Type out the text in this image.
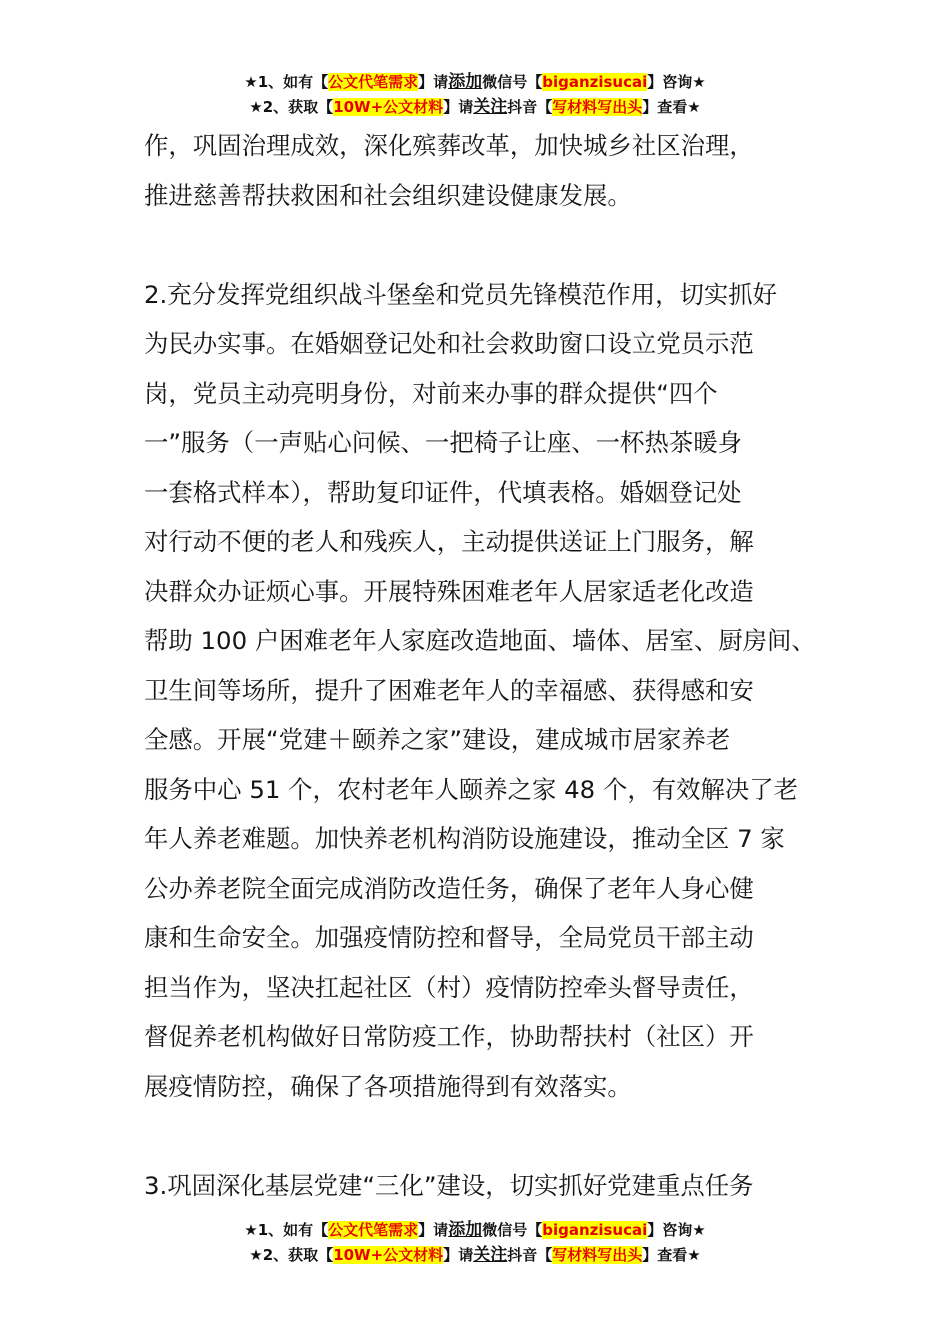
★1、如有【公文代笔需求】请添加微信号【biganzisucai】咨询★
★2、获取【10W+公文材料】请关注抖音【写材料写出头】查看★
作，巩固治理成效，深化殡葬改革，加快城乡社区治理，
推进慈善帮扶救困和社会组织建设健康发展。
2.充分发挥党组织战斗堡垒和党员先锋模范作用，切实抓好
为民办实事。在婚姻登记处和社会救助窗口设立党员示范
岗，党员主动亮明身份，对前来办事的群众提供“四个
一”服务（一声贴心问候、一把椅子让座、一杯热茶暖身
一套格式样本），帮助复印证件，代填表格。婚姻登记处
对行动不便的老人和残疾人，主动提供送证上门服务，解
决群众办证烦心事。开展特殊困难老年人居家适老化改造
帮助 100 户困难老年人家庭改造地面、墙体、居室、厨房间、
卫生间等场所，提升了困难老年人的幸福感、获得感和安
全感。开展“党建＋颐养之家”建设，建成城市居家养老
服务中心 51 个，农村老年人颐养之家 48 个，有效解决了老
年人养老难题。加快养老机构消防设施建设，推动全区 7 家
公办养老院全面完成消防改造任务，确保了老年人身心健
康和生命安全。加强疫情防控和督导，全局党员干部主动
担当作为，坚决扛起社区（村）疫情防控牵头督导责任，
督促养老机构做好日常防疫工作，协助帮扶村（社区）开
展疫情防控，确保了各项措施得到有效落实。
3.巩固深化基层党建“三化”建设，切实抓好党建重点任务
★1、如有【公文代笔需求】请添加微信号【biganzisucai】咨询★
★2、获取【10W+公文材料】请关注抖音【写材料写出头】查看★
